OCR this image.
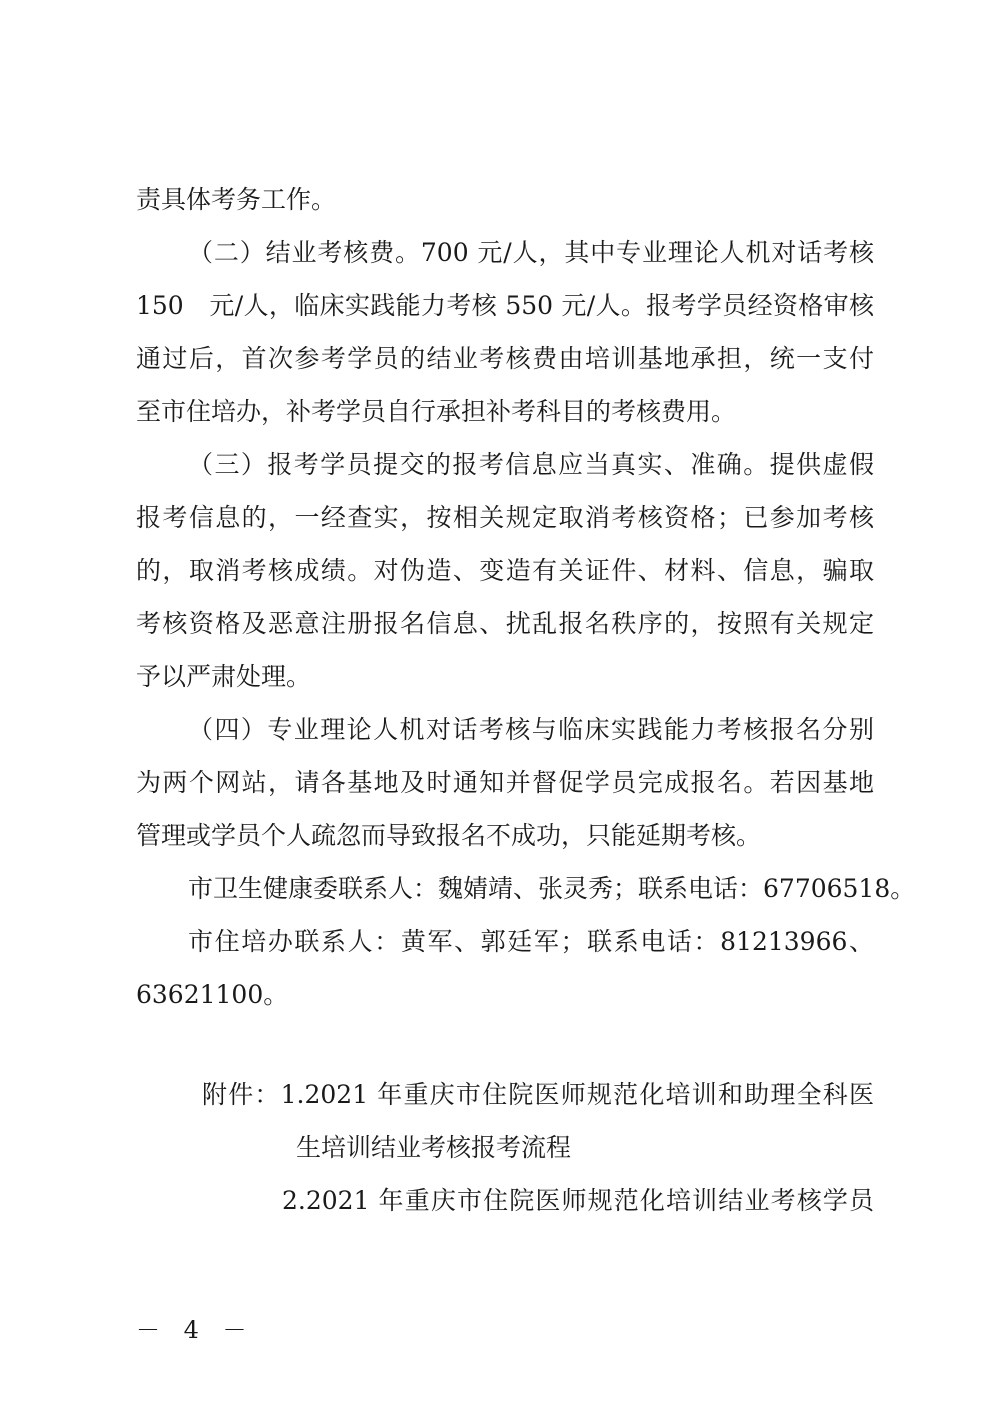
责具体考务工作。
（二）结业考核费。700 元/人，其中专业理论人机对话考核
150　元/人，临床实践能力考核 550 元/人。报考学员经资格审核
通过后，首次参考学员的结业考核费由培训基地承担，统一支付
至市住培办，补考学员自行承担补考科目的考核费用。
（三）报考学员提交的报考信息应当真实、准确。提供虚假
报考信息的，一经查实，按相关规定取消考核资格；已参加考核
的，取消考核成绩。对伪造、变造有关证件、材料、信息，骗取
考核资格及恶意注册报名信息、扰乱报名秩序的，按照有关规定
予以严肃处理。
（四）专业理论人机对话考核与临床实践能力考核报名分别
为两个网站，请各基地及时通知并督促学员完成报名。若因基地
管理或学员个人疏忽而导致报名不成功，只能延期考核。
市卫生健康委联系人：魏婧靖、张灵秀；联系电话：67706518。
市住培办联系人：黄军、郭廷军；联系电话：81213966、
63621100。
附件：1.2021 年重庆市住院医师规范化培训和助理全科医
生培训结业考核报考流程
2.2021 年重庆市住院医师规范化培训结业考核学员
－ 4 －
